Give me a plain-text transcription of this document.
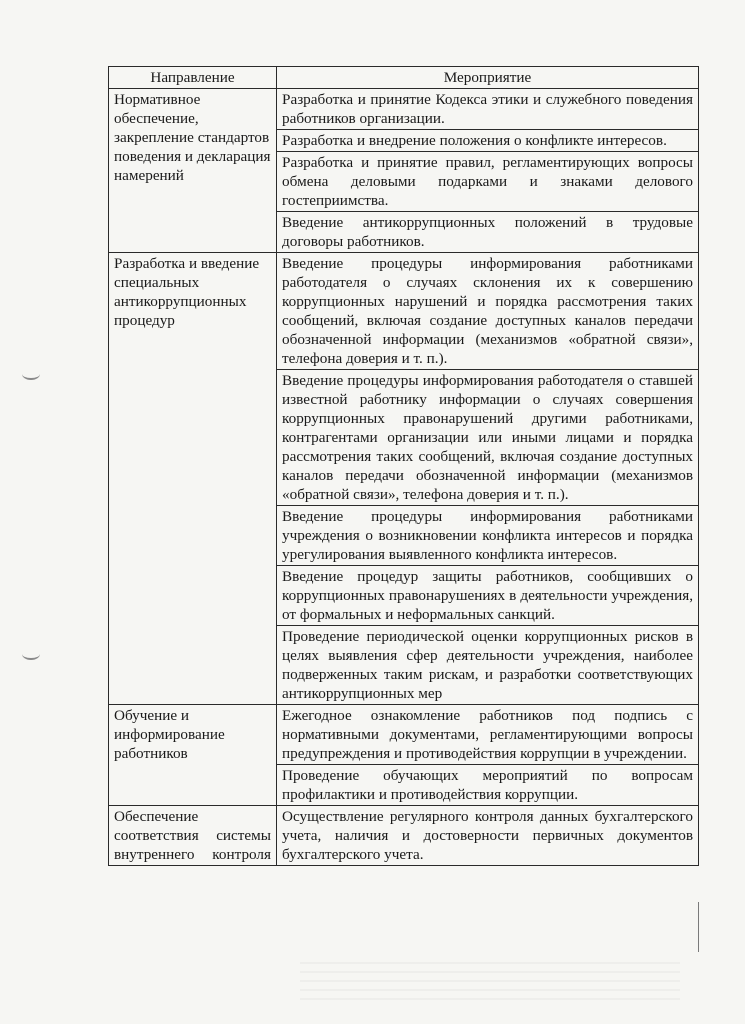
Направление	Мероприятие
Нормативное обеспечение, закрепление стандартов поведения и декларация намерений	Разработка и принятие Кодекса этики и служебного поведения работников организации.
	Разработка и внедрение положения о конфликте интересов.
	Разработка и принятие правил, регламентирующих вопросы обмена деловыми подарками и знаками делового гостеприимства.
	Введение антикоррупционных положений в трудовые договоры работников.
Разработка и введение специальных антикоррупционных процедур	Введение процедуры информирования работниками работодателя о случаях склонения их к совершению коррупционных нарушений и порядка рассмотрения таких сообщений, включая создание доступных каналов передачи обозначенной информации (механизмов «обратной связи», телефона доверия и т. п.).
	Введение процедуры информирования работодателя о ставшей известной работнику информации о случаях совершения коррупционных правонарушений другими работниками, контрагентами организации или иными лицами и порядка рассмотрения таких сообщений, включая создание доступных каналов передачи обозначенной информации (механизмов «обратной связи», телефона доверия и т. п.).
	Введение процедуры информирования работниками учреждения о возникновении конфликта интересов и порядка урегулирования выявленного конфликта интересов.
	Введение процедур защиты работников, сообщивших о коррупционных правонарушениях в деятельности учреждения, от формальных и неформальных санкций.
	Проведение периодической оценки коррупционных рисков в целях выявления сфер деятельности учреждения, наиболее подверженных таким рискам, и разработки соответствующих антикоррупционных мер
Обучение и информирование работников	Ежегодное ознакомление работников под подпись с нормативными документами, регламентирующими вопросы предупреждения и противодействия коррупции в учреждении.
	Проведение обучающих мероприятий по вопросам профилактики и противодействия коррупции.
Обеспечение соответствия системы внутреннего контроля	Осуществление регулярного контроля данных бухгалтерского учета, наличия и достоверности первичных документов бухгалтерского учета.
